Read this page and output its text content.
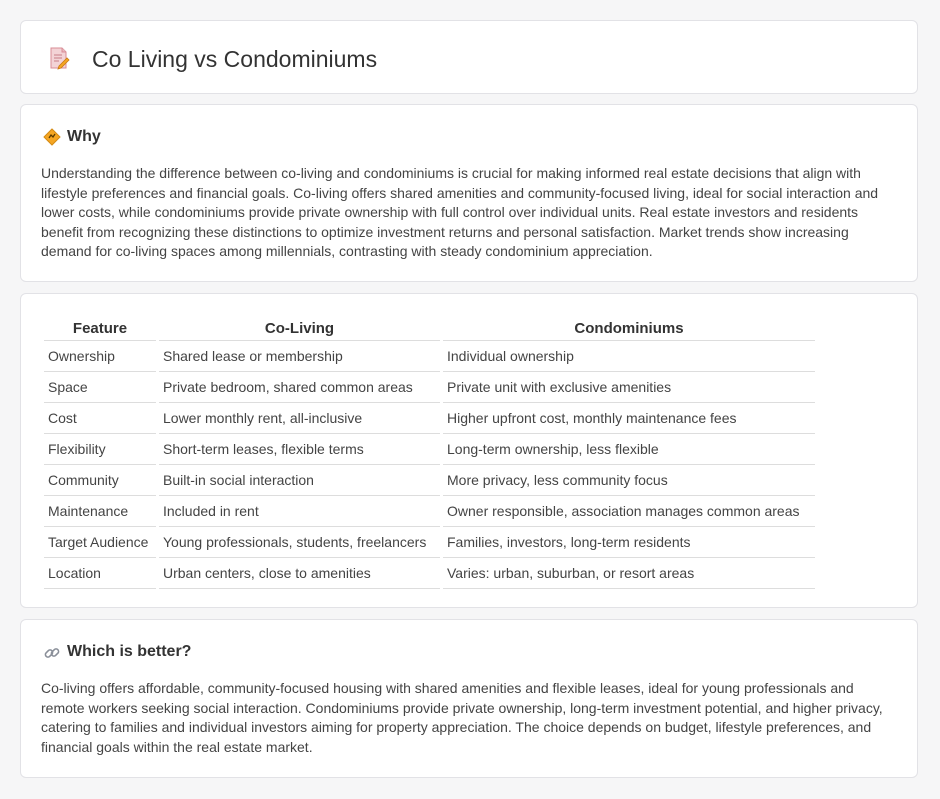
Co Living vs Condominiums
Why

Understanding the difference between co-living and condominiums is crucial for making informed real estate decisions that align with lifestyle preferences and financial goals. Co-living offers shared amenities and community-focused living, ideal for social interaction and lower costs, while condominiums provide private ownership with full control over individual units. Real estate investors and residents benefit from recognizing these distinctions to optimize investment returns and personal satisfaction. Market trends show increasing demand for co-living spaces among millennials, contrasting with steady condominium appreciation.

Feature	Co-Living	Condominiums
Ownership	Shared lease or membership	Individual ownership
Space	Private bedroom, shared common areas	Private unit with exclusive amenities
Cost	Lower monthly rent, all-inclusive	Higher upfront cost, monthly maintenance fees
Flexibility	Short-term leases, flexible terms	Long-term ownership, less flexible
Community	Built-in social interaction	More privacy, less community focus
Maintenance	Included in rent	Owner responsible, association manages common areas
Target Audience	Young professionals, students, freelancers	Families, investors, long-term residents
Location	Urban centers, close to amenities	Varies: urban, suburban, or resort areas
Which is better?

Co-living offers affordable, community-focused housing with shared amenities and flexible leases, ideal for young professionals and remote workers seeking social interaction. Condominiums provide private ownership, long-term investment potential, and higher privacy, catering to families and individual investors aiming for property appreciation. The choice depends on budget, lifestyle preferences, and financial goals within the real estate market.
